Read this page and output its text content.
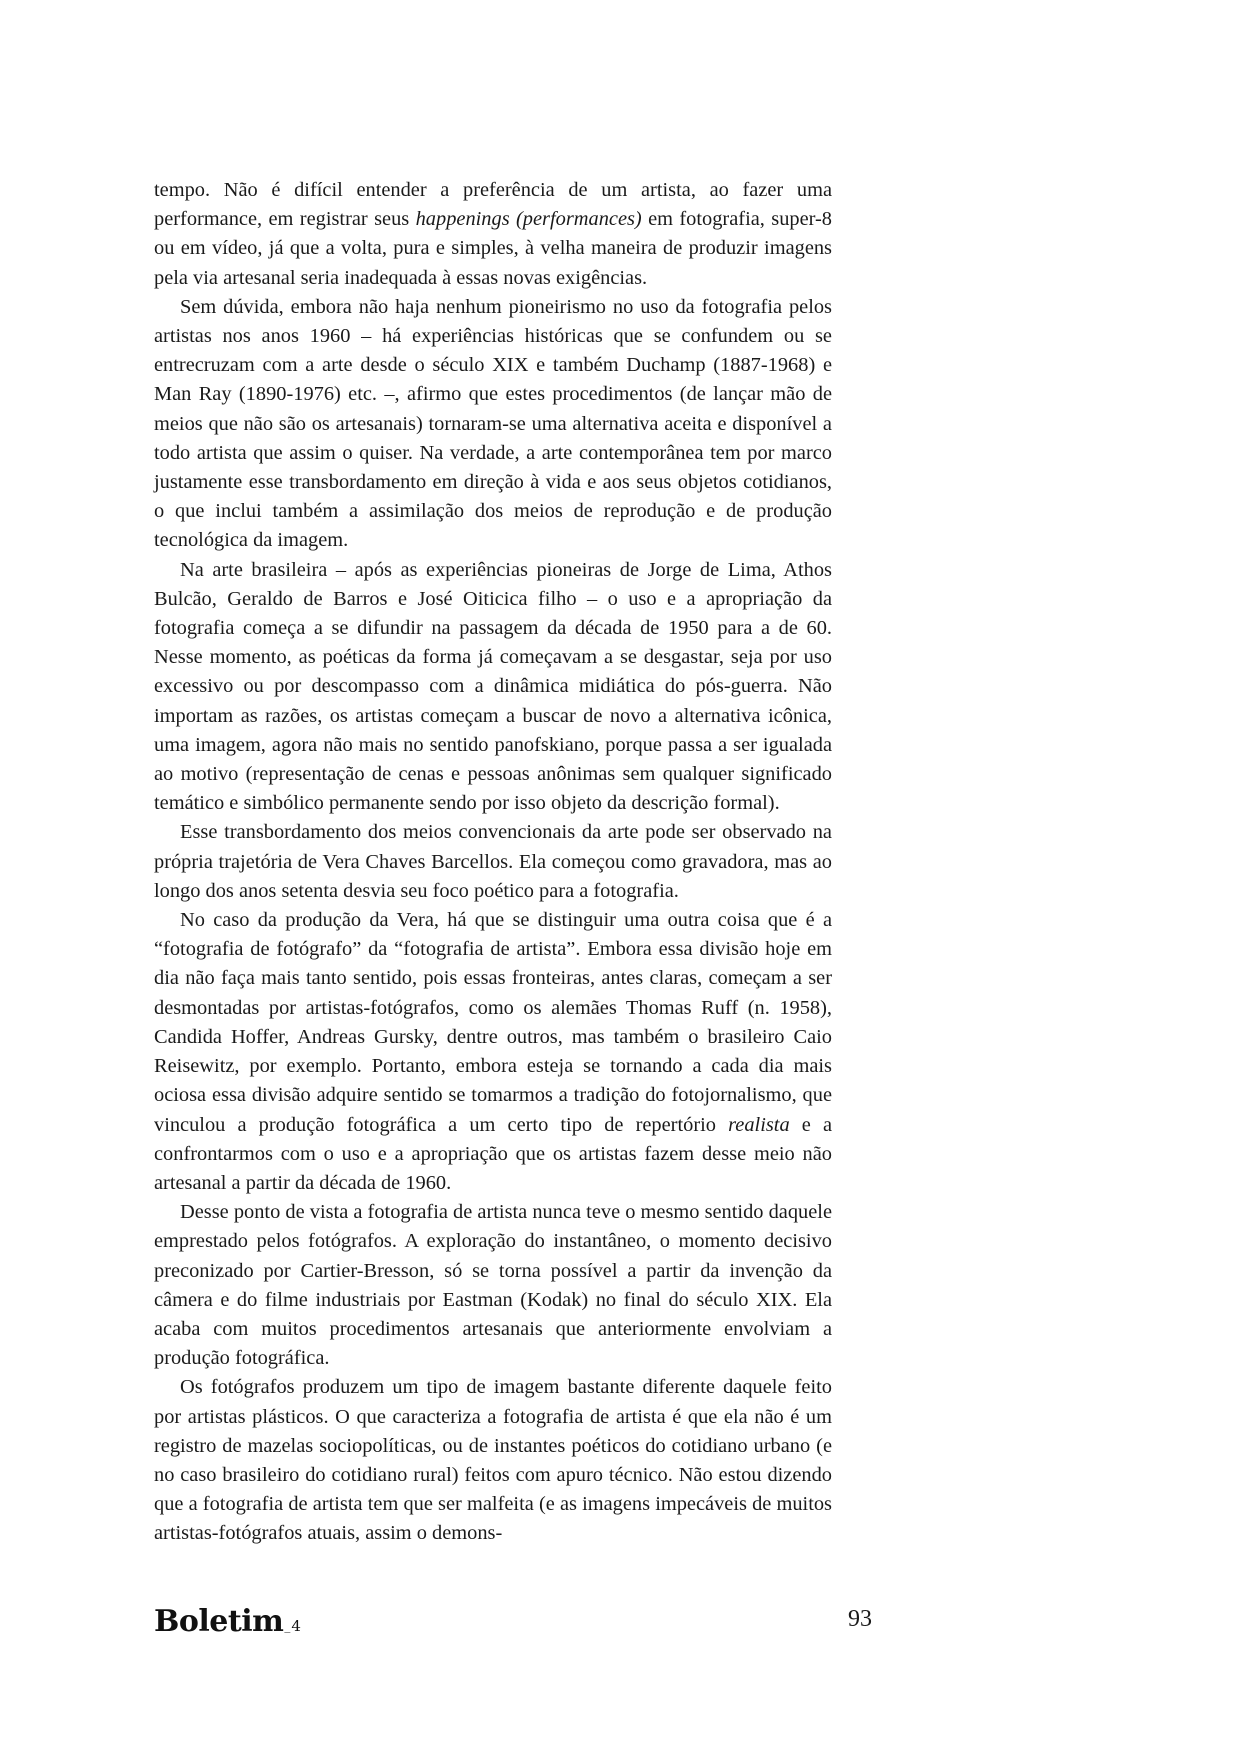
tempo. Não é difícil entender a preferência de um artista, ao fazer uma performance, em registrar seus happenings (performances) em fotografia, super-8 ou em vídeo, já que a volta, pura e simples, à velha maneira de produzir imagens pela via artesanal seria inadequada à essas novas exigências.

Sem dúvida, embora não haja nenhum pioneirismo no uso da fotografia pelos artistas nos anos 1960 – há experiências históricas que se confundem ou se entrecruzam com a arte desde o século XIX e também Duchamp (1887-1968) e Man Ray (1890-1976) etc. –, afirmo que estes procedimentos (de lançar mão de meios que não são os artesanais) tornaram-se uma alternativa aceita e disponível a todo artista que assim o quiser. Na verdade, a arte contemporânea tem por marco justamente esse transbordamento em direção à vida e aos seus objetos cotidianos, o que inclui também a assimilação dos meios de reprodução e de produção tecnológica da imagem.

Na arte brasileira – após as experiências pioneiras de Jorge de Lima, Athos Bulcão, Geraldo de Barros e José Oiticica filho – o uso e a apropriação da fotografia começa a se difundir na passagem da década de 1950 para a de 60. Nesse momento, as poéticas da forma já começavam a se desgastar, seja por uso excessivo ou por descompasso com a dinâmica midiática do pós-guerra. Não importam as razões, os artistas começam a buscar de novo a alternativa icônica, uma imagem, agora não mais no sentido panofskiano, porque passa a ser igualada ao motivo (representação de cenas e pessoas anônimas sem qualquer significado temático e simbólico permanente sendo por isso objeto da descrição formal).

Esse transbordamento dos meios convencionais da arte pode ser observado na própria trajetória de Vera Chaves Barcellos. Ela começou como gravadora, mas ao longo dos anos setenta desvia seu foco poético para a fotografia.

No caso da produção da Vera, há que se distinguir uma outra coisa que é a “fotografia de fotógrafo” da “fotografia de artista”. Embora essa divisão hoje em dia não faça mais tanto sentido, pois essas fronteiras, antes claras, começam a ser desmontadas por artistas-fotógrafos, como os alemães Thomas Ruff (n. 1958), Candida Hoffer, Andreas Gursky, dentre outros, mas também o brasileiro Caio Reisewitz, por exemplo. Portanto, embora esteja se tornando a cada dia mais ociosa essa divisão adquire sentido se tomarmos a tradição do fotojornalismo, que vinculou a produção fotográfica a um certo tipo de repertório realista e a confrontarmos com o uso e a apropriação que os artistas fazem desse meio não artesanal a partir da década de 1960.

Desse ponto de vista a fotografia de artista nunca teve o mesmo sentido daquele emprestado pelos fotógrafos. A exploração do instantâneo, o momento decisivo preconizado por Cartier-Bresson, só se torna possível a partir da invenção da câmera e do filme industriais por Eastman (Kodak) no final do século XIX. Ela acaba com muitos procedimentos artesanais que anteriormente envolviam a produção fotográfica.

Os fotógrafos produzem um tipo de imagem bastante diferente daquele feito por artistas plásticos. O que caracteriza a fotografia de artista é que ela não é um registro de mazelas sociopolíticas, ou de instantes poéticos do cotidiano urbano (e no caso brasileiro do cotidiano rural) feitos com apuro técnico. Não estou dizendo que a fotografia de artista tem que ser malfeita (e as imagens impecáveis de muitos artistas-fotógrafos atuais, assim o demons-

Boletim_ 4	93
